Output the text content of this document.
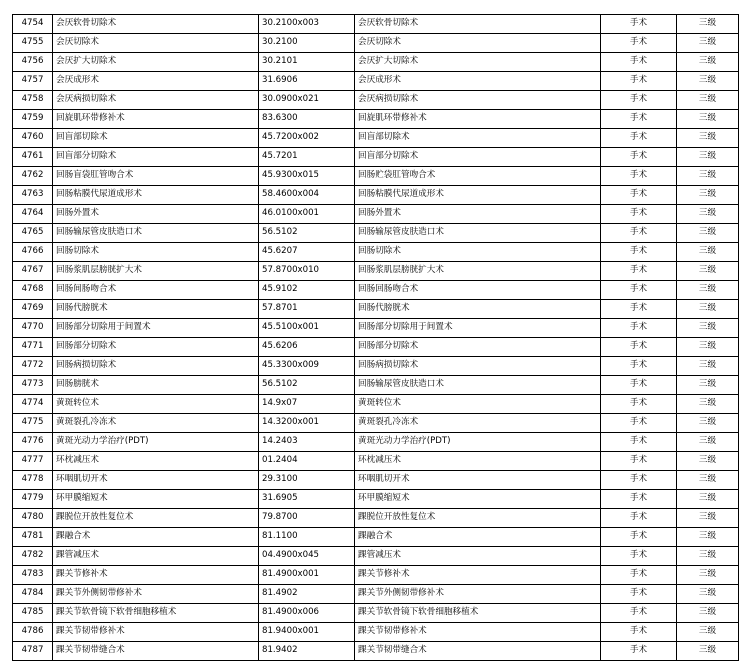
4754	会厌软骨切除术	30.2100x003	会厌软骨切除术	手术	三级
4755	会厌切除术	30.2100	会厌切除术	手术	三级
4756	会厌扩大切除术	30.2101	会厌扩大切除术	手术	三级
4757	会厌成形术	31.6906	会厌成形术	手术	三级
4758	会厌病损切除术	30.0900x021	会厌病损切除术	手术	三级
4759	回旋肌环带修补术	83.6300	回旋肌环带修补术	手术	三级
4760	回盲部切除术	45.7200x002	回盲部切除术	手术	三级
4761	回盲部分切除术	45.7201	回盲部分切除术	手术	三级
4762	回肠盲袋肛管吻合术	45.9300x015	回肠贮袋肛管吻合术	手术	三级
4763	回肠粘膜代尿道成形术	58.4600x004	回肠粘膜代尿道成形术	手术	三级
4764	回肠外置术	46.0100x001	回肠外置术	手术	三级
4765	回肠输尿管皮肤造口术	56.5102	回肠输尿管皮肤造口术	手术	三级
4766	回肠切除术	45.6207	回肠切除术	手术	三级
4767	回肠浆肌层膀胱扩大术	57.8700x010	回肠浆肌层膀胱扩大术	手术	三级
4768	回肠间肠吻合术	45.9102	回肠回肠吻合术	手术	三级
4769	回肠代膀胱术	57.8701	回肠代膀胱术	手术	三级
4770	回肠部分切除用于间置术	45.5100x001	回肠部分切除用于间置术	手术	三级
4771	回肠部分切除术	45.6206	回肠部分切除术	手术	三级
4772	回肠病损切除术	45.3300x009	回肠病损切除术	手术	三级
4773	回肠膀胱术	56.5102	回肠输尿管皮肤造口术	手术	三级
4774	黄斑转位术	14.9x07	黄斑转位术	手术	三级
4775	黄斑裂孔冷冻术	14.3200x001	黄斑裂孔冷冻术	手术	三级
4776	黄斑光动力学治疗(PDT)	14.2403	黄斑光动力学治疗(PDT)	手术	三级
4777	环枕减压术	01.2404	环枕减压术	手术	三级
4778	环咽肌切开术	29.3100	环咽肌切开术	手术	三级
4779	环甲膜缩短术	31.6905	环甲膜缩短术	手术	三级
4780	踝脱位开放性复位术	79.8700	踝脱位开放性复位术	手术	三级
4781	踝融合术	81.1100	踝融合术	手术	三级
4782	踝管减压术	04.4900x045	踝管减压术	手术	三级
4783	踝关节修补术	81.4900x001	踝关节修补术	手术	三级
4784	踝关节外侧韧带修补术	81.4902	踝关节外侧韧带修补术	手术	三级
4785	踝关节软骨镜下软骨细胞移植术	81.4900x006	踝关节软骨镜下软骨细胞移植术	手术	三级
4786	踝关节韧带修补术	81.9400x001	踝关节韧带修补术	手术	三级
4787	踝关节韧带缝合术	81.9402	踝关节韧带缝合术	手术	三级
